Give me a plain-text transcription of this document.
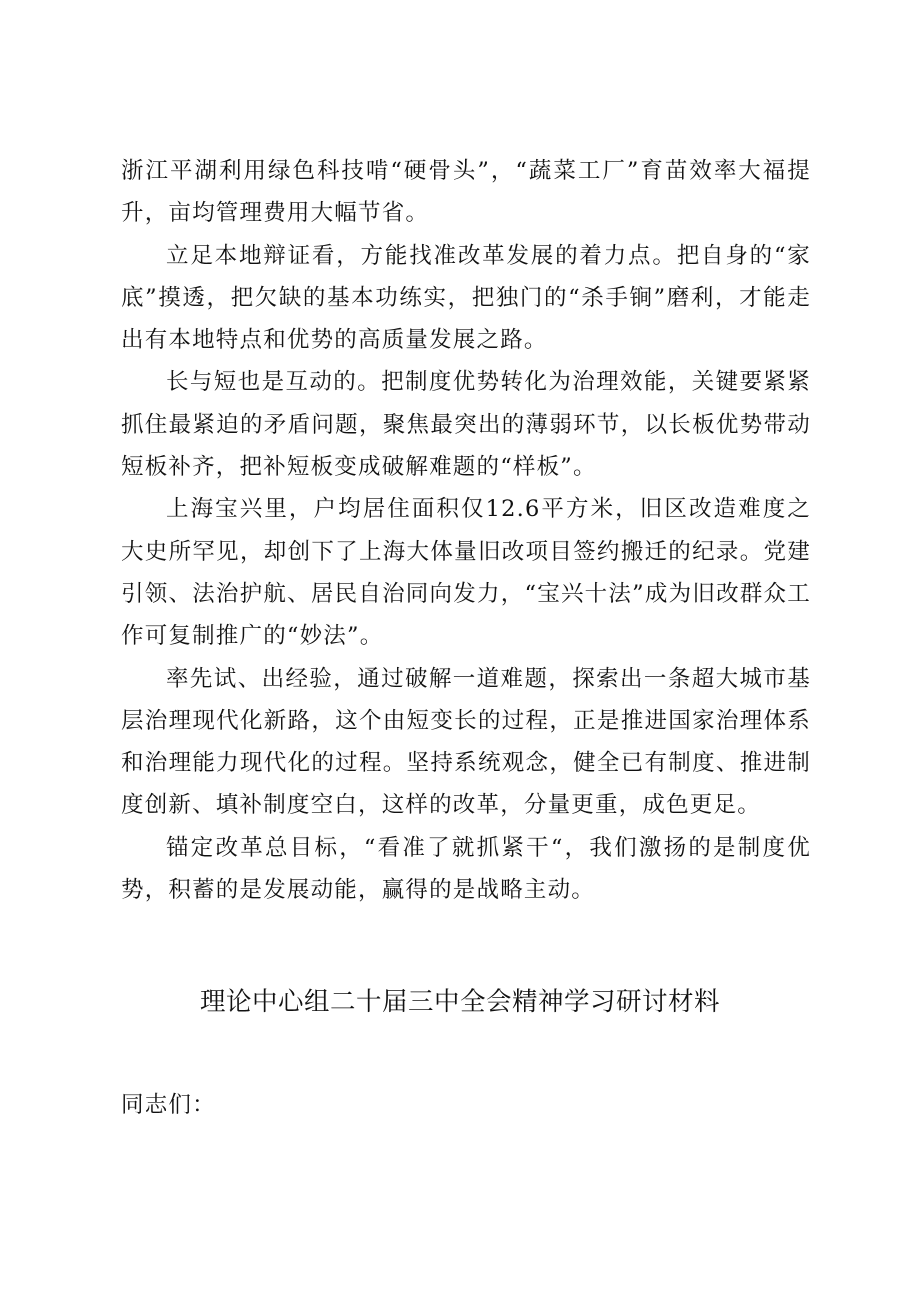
浙江平湖利用绿色科技啃“硬骨头”，“蔬菜工厂”育苗效率大福提升，亩均管理费用大幅节省。

立足本地辩证看，方能找准改革发展的着力点。把自身的“家底”摸透，把欠缺的基本功练实，把独门的“杀手锏”磨利，才能走出有本地特点和优势的高质量发展之路。

长与短也是互动的。把制度优势转化为治理效能，关键要紧紧抓住最紧迫的矛盾问题，聚焦最突出的薄弱环节，以长板优势带动短板补齐，把补短板变成破解难题的“样板”。

上海宝兴里，户均居住面积仅12.6平方米，旧区改造难度之大史所罕见，却创下了上海大体量旧改项目签约搬迁的纪录。党建引领、法治护航、居民自治同向发力，“宝兴十法”成为旧改群众工作可复制推广的“妙法”。

率先试、出经验，通过破解一道难题，探索出一条超大城市基层治理现代化新路，这个由短变长的过程，正是推进国家治理体系和治理能力现代化的过程。坚持系统观念，健全已有制度、推进制度创新、填补制度空白，这样的改革，分量更重，成色更足。

锚定改革总目标，“看准了就抓紧干“，我们激扬的是制度优势，积蓄的是发展动能，赢得的是战略主动。

理论中心组二十届三中全会精神学习研讨材料
同志们：
